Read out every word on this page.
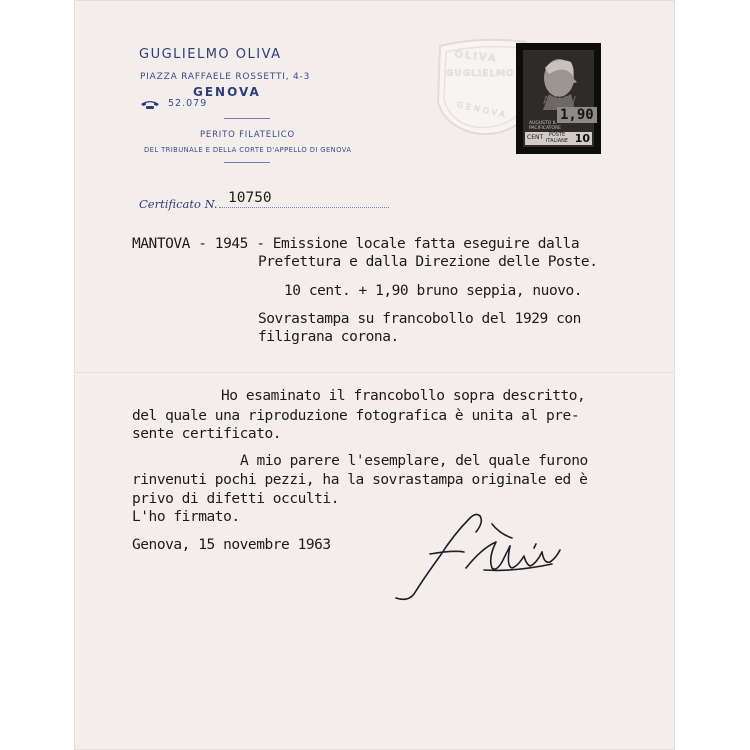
GUGLIELMO OLIVA
PIAZZA RAFFAELE ROSSETTI, 4-3
GENOVA
52.079
PERITO FILATELICO
DEL TRIBUNALE E DELLA CORTE D'APPELLO DI GENOVA
OLIVA
GUGLIELMO
GENOVA	ANTOV
1,90
AUGUSTO IL PACIFICATORE
CENT	POSTE ITALIANE 10
Certificato N. 10750
MANTOVA - 1945 - Emissione locale fatta eseguire dalla
Prefettura e dalla Direzione delle Poste.
10 cent. + 1,90 bruno seppia, nuovo.
Sovrastampa su francobollo del 1929 con
filigrana corona.
Ho esaminato il francobollo sopra descritto,
del quale una riproduzione fotografica è unita al pre-
sente certificato.
A mio parere l'esemplare, del quale furono
rinvenuti pochi pezzi, ha la sovrastampa originale ed è
privo di difetti occulti.
L'ho firmato.
Genova, 15 novembre 1963
